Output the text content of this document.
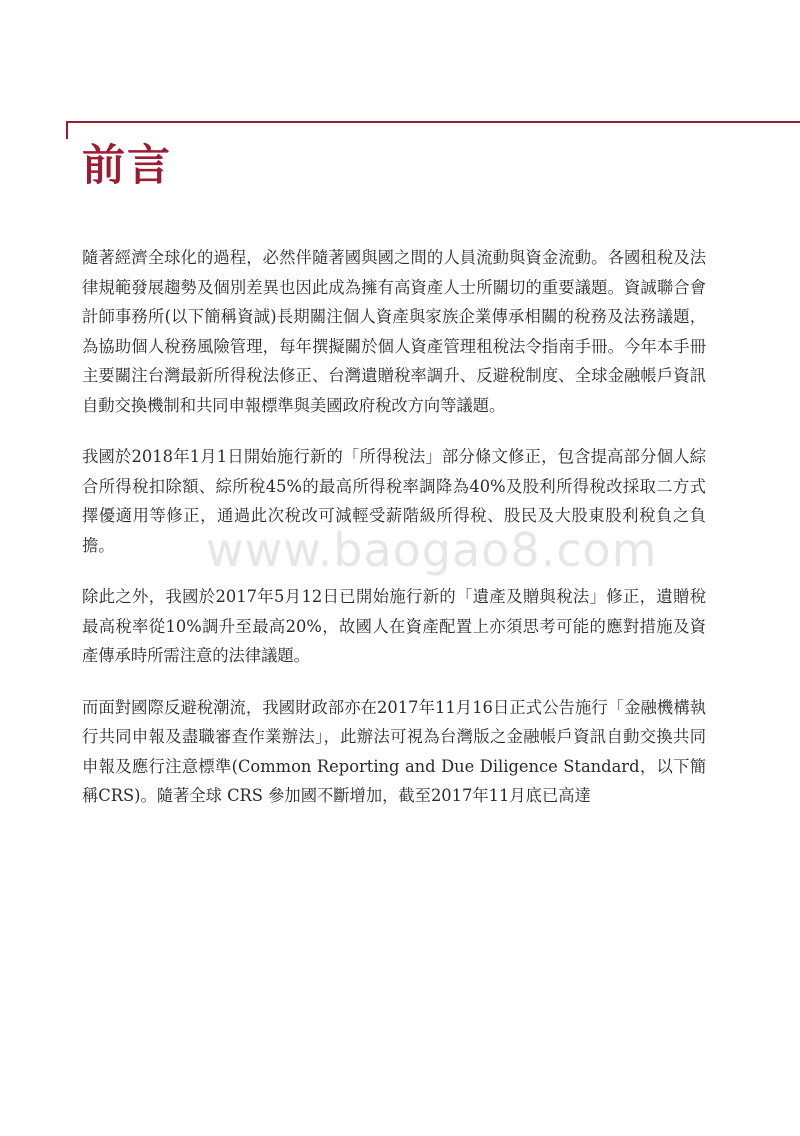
前言

隨著經濟全球化的過程，必然伴隨著國與國之間的人員流動與資金流動。各國租稅及法律規範發展趨勢及個別差異也因此成為擁有高資產人士所關切的重要議題。資誠聯合會計師事務所(以下簡稱資誠)長期關注個人資產與家族企業傳承相關的稅務及法務議題，為協助個人稅務風險管理，每年撰擬關於個人資產管理租稅法令指南手冊。今年本手冊主要關注台灣最新所得稅法修正、台灣遺贈稅率調升、反避稅制度、全球金融帳戶資訊自動交換機制和共同申報標準與美國政府稅改方向等議題。

我國於2018年1月1日開始施行新的「所得稅法」部分條文修正，包含提高部分個人綜合所得稅扣除額、綜所稅45%的最高所得稅率調降為40%及股利所得稅改採取二方式擇優適用等修正，通過此次稅改可減輕受薪階級所得稅、股民及大股東股利稅負之負擔。

除此之外，我國於2017年5月12日已開始施行新的「遺產及贈與稅法」修正，遺贈稅最高稅率從10%調升至最高20%，故國人在資產配置上亦須思考可能的應對措施及資產傳承時所需注意的法律議題。

而面對國際反避稅潮流，我國財政部亦在2017年11月16日正式公告施行「金融機構執行共同申報及盡職審查作業辦法」，此辦法可視為台灣版之金融帳戶資訊自動交換共同申報及應行注意標準(Common Reporting and Due Diligence Standard，以下簡稱CRS)。隨著全球 CRS 參加國不斷增加，截至2017年11月底已高達

www.baogao8.com
